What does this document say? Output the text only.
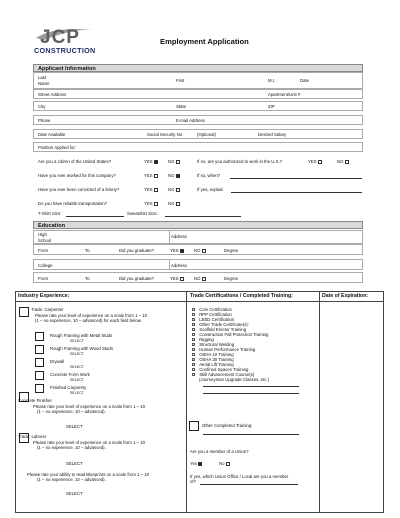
JCP
CONSTRUCTION
Employment Application
Applicant Information
Last
Name
First	M.I.	Date
Street Address	Apartment/Unit #
City	State	ZIP
Phone	E-mail Address
Date Available	Social Security No.	(Optional)	Desired Salary
Position Applied for:
Are you a citizen of the United States?	YES	NO	If no, are you authorized to work in the U.S.?	YES	NO
Have you ever worked for this company?	YES	NO	If so, when?
Have you ever been convicted of a felony?	YES	NO	If yes, explain
Do you have reliable transportation?	YES	NO
T-Shirt Size:	Sweatshirt Size:
Education
High
School
Address
From	To	Did you graduate?	YES	NO	Degree
College	Address
From	To	Did you graduate?	YES	NO	Degree
Industry Experience:	Trade Certifications / Completed Training:	Date of Expiration:
Trade: Carpenter
Please rate your level of experience on a scale from 1 – 10
(1 – no experience, 10 – advanced) for each field below.
Rough Framing with Metal Studs
SELECT
Rough Framing with Wood Studs
SELECT
Drywall
SELECT
Concrete Form Work
SELECT
Finished Carpentry
SELECT
Concrete Finisher
Please rate your level of experience on a scale from 1 – 10
(1 – no experience, 10 – advanced).
SELECT
Trade: Laborer
Please rate your level of experience on a scale from 1 – 10
(1 – no experience, 10 – advanced).
SELECT
Please rate your ability to read Blueprints on a scale from 1 – 10
(1 – no experience, 10 – advanced).
SELECT
Coin Certification
RPP Certification
LEED Certification
Other Trade Certificate(s):
Scaffold Erector Training
Construction Fall Protection Training
Rigging
Structural Welding
Human Performance Training
OSHA 10 Training
OSHA 30 Training
Aerial Lift Training
Confined Spaces Training
Skill Advancement Course(s)
(Journeyman Upgrade Classes, etc.)
Other Completed Training:
Are you a member of a Union?
Yes	No
If yes, which Union Office / Local are you a member
of?
